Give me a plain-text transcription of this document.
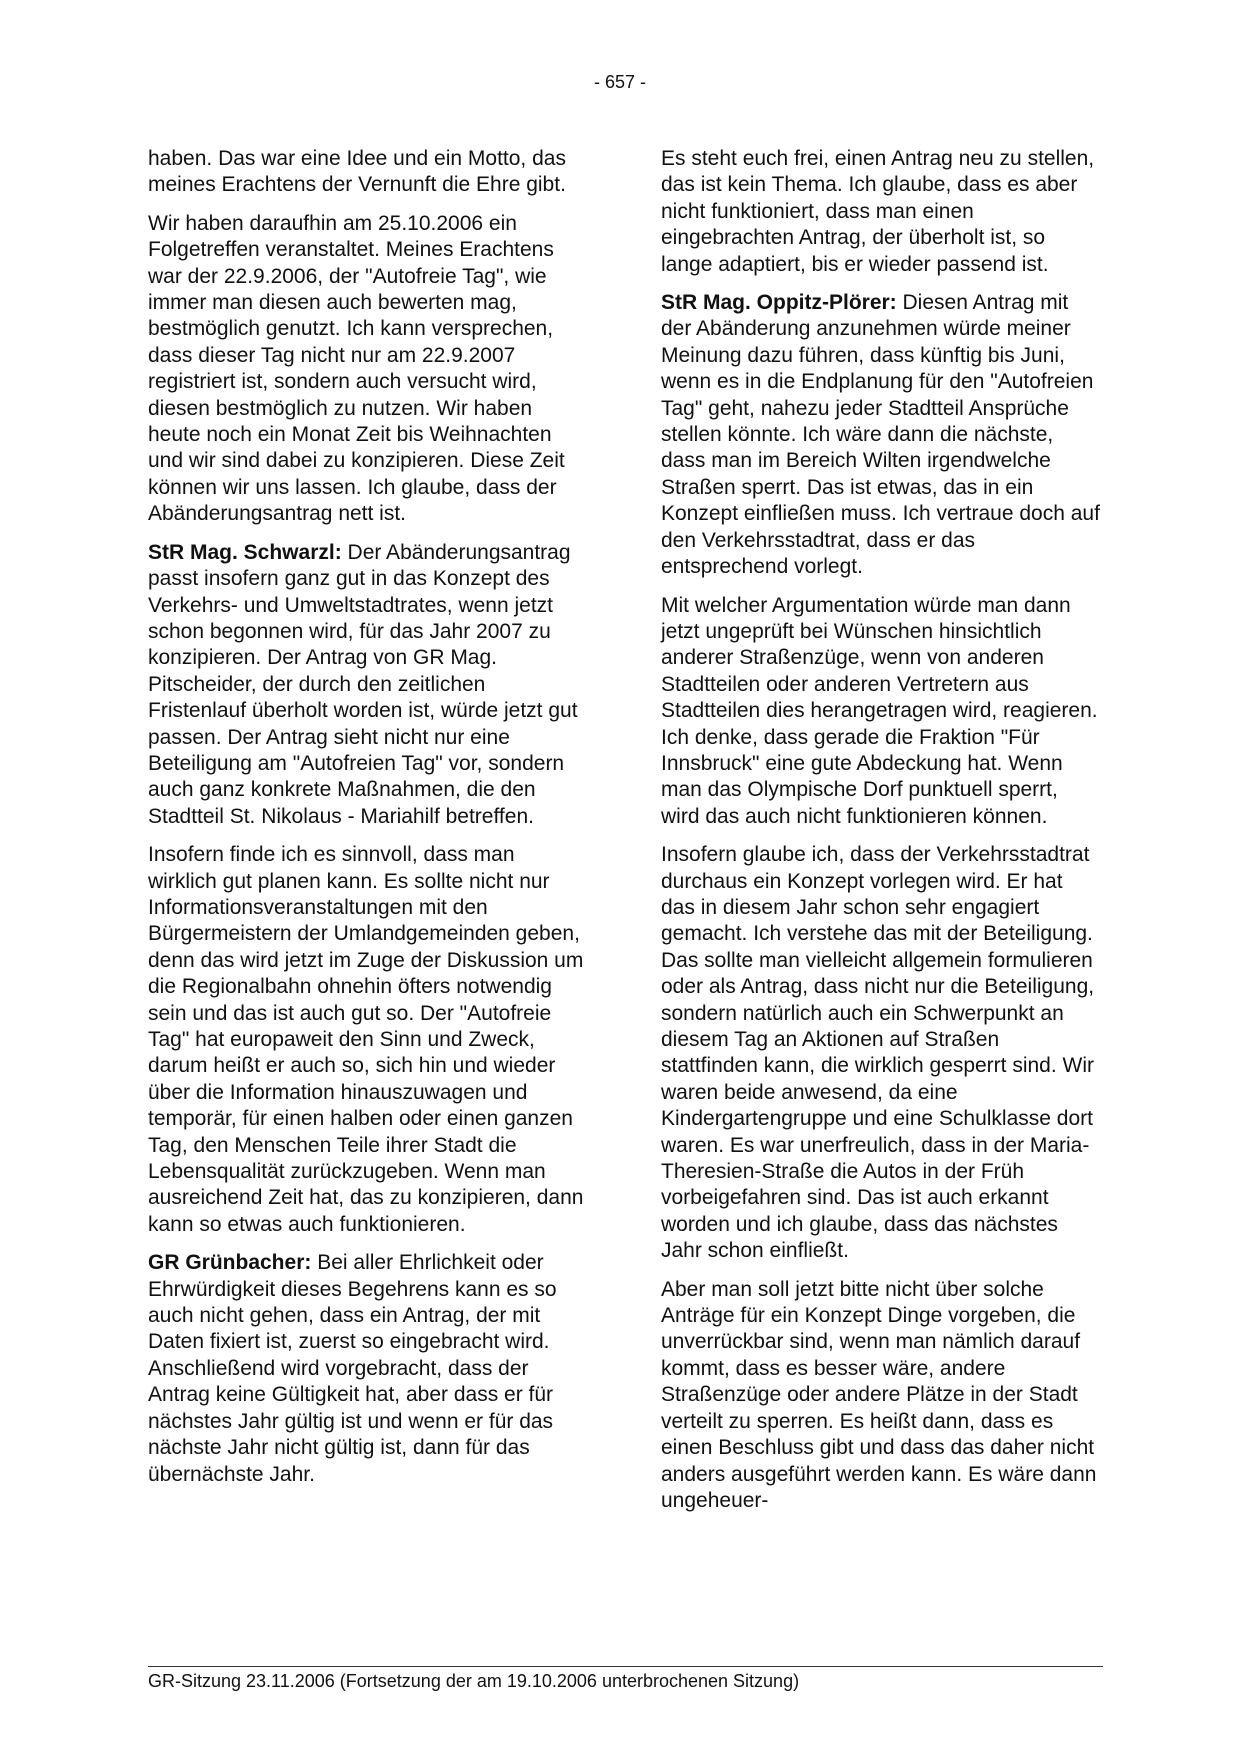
- 657 -

haben. Das war eine Idee und ein Motto, das meines Erachtens der Vernunft die Ehre gibt.

Wir haben daraufhin am 25.10.2006 ein Folgetreffen veranstaltet. Meines Erachtens war der 22.9.2006, der "Autofreie Tag", wie immer man diesen auch bewerten mag, bestmöglich genutzt. Ich kann versprechen, dass dieser Tag nicht nur am 22.9.2007 registriert ist, sondern auch versucht wird, diesen bestmöglich zu nutzen. Wir haben heute noch ein Monat Zeit bis Weihnachten und wir sind dabei zu konzipieren. Diese Zeit können wir uns lassen. Ich glaube, dass der Abänderungsantrag nett ist.

StR Mag. Schwarzl: Der Abänderungsantrag passt insofern ganz gut in das Konzept des Verkehrs- und Umweltstadtrates, wenn jetzt schon begonnen wird, für das Jahr 2007 zu konzipieren. Der Antrag von GR Mag. Pitscheider, der durch den zeitlichen Fristenlauf überholt worden ist, würde jetzt gut passen. Der Antrag sieht nicht nur eine Beteiligung am "Autofreien Tag" vor, sondern auch ganz konkrete Maßnahmen, die den Stadtteil St. Nikolaus - Mariahilf betreffen.

Insofern finde ich es sinnvoll, dass man wirklich gut planen kann. Es sollte nicht nur Informationsveranstaltungen mit den Bürgermeistern der Umlandgemeinden geben, denn das wird jetzt im Zuge der Diskussion um die Regionalbahn ohnehin öfters notwendig sein und das ist auch gut so. Der "Autofreie Tag" hat europaweit den Sinn und Zweck, darum heißt er auch so, sich hin und wieder über die Information hinauszuwagen und temporär, für einen halben oder einen ganzen Tag, den Menschen Teile ihrer Stadt die Lebensqualität zurückzugeben. Wenn man ausreichend Zeit hat, das zu konzipieren, dann kann so etwas auch funktionieren.

GR Grünbacher: Bei aller Ehrlichkeit oder Ehrwürdigkeit dieses Begehrens kann es so auch nicht gehen, dass ein Antrag, der mit Daten fixiert ist, zuerst so eingebracht wird. Anschließend wird vorgebracht, dass der Antrag keine Gültigkeit hat, aber dass er für nächstes Jahr gültig ist und wenn er für das nächste Jahr nicht gültig ist, dann für das übernächste Jahr.

Es steht euch frei, einen Antrag neu zu stellen, das ist kein Thema. Ich glaube, dass es aber nicht funktioniert, dass man einen eingebrachten Antrag, der überholt ist, so lange adaptiert, bis er wieder passend ist.

StR Mag. Oppitz-Plörer: Diesen Antrag mit der Abänderung anzunehmen würde meiner Meinung dazu führen, dass künftig bis Juni, wenn es in die Endplanung für den "Autofreien Tag" geht, nahezu jeder Stadtteil Ansprüche stellen könnte. Ich wäre dann die nächste, dass man im Bereich Wilten irgendwelche Straßen sperrt. Das ist etwas, das in ein Konzept einfließen muss. Ich vertraue doch auf den Verkehrsstadtrat, dass er das entsprechend vorlegt.

Mit welcher Argumentation würde man dann jetzt ungeprüft bei Wünschen hinsichtlich anderer Straßenzüge, wenn von anderen Stadtteilen oder anderen Vertretern aus Stadtteilen dies herangetragen wird, reagieren. Ich denke, dass gerade die Fraktion "Für Innsbruck" eine gute Abdeckung hat. Wenn man das Olympische Dorf punktuell sperrt, wird das auch nicht funktionieren können.

Insofern glaube ich, dass der Verkehrsstadtrat durchaus ein Konzept vorlegen wird. Er hat das in diesem Jahr schon sehr engagiert gemacht. Ich verstehe das mit der Beteiligung. Das sollte man vielleicht allgemein formulieren oder als Antrag, dass nicht nur die Beteiligung, sondern natürlich auch ein Schwerpunkt an diesem Tag an Aktionen auf Straßen stattfinden kann, die wirklich gesperrt sind. Wir waren beide anwesend, da eine Kindergartengruppe und eine Schulklasse dort waren. Es war unerfreulich, dass in der Maria-Theresien-Straße die Autos in der Früh vorbeigefahren sind. Das ist auch erkannt worden und ich glaube, dass das nächstes Jahr schon einfließt.

Aber man soll jetzt bitte nicht über solche Anträge für ein Konzept Dinge vorgeben, die unverrückbar sind, wenn man nämlich darauf kommt, dass es besser wäre, andere Straßenzüge oder andere Plätze in der Stadt verteilt zu sperren. Es heißt dann, dass es einen Beschluss gibt und dass das daher nicht anders ausgeführt werden kann. Es wäre dann ungeheuer-

GR-Sitzung 23.11.2006 (Fortsetzung der am 19.10.2006 unterbrochenen Sitzung)
